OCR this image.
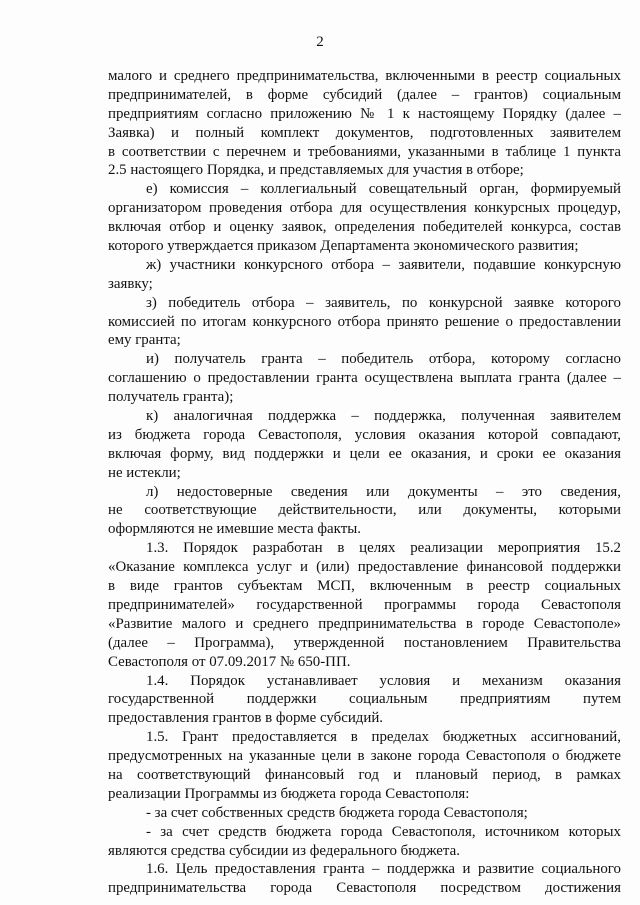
2
малого и среднего предпринимательства, включенными в реестр социальных
предпринимателей, в форме субсидий (далее – грантов) социальным
предприятиям согласно приложению № 1 к настоящему Порядку (далее –
Заявка) и полный комплект документов, подготовленных заявителем
в соответствии с перечнем и требованиями, указанными в таблице 1 пункта
2.5 настоящего Порядка, и представляемых для участия в отборе;
е) комиссия – коллегиальный совещательный орган, формируемый
организатором проведения отбора для осуществления конкурсных процедур,
включая отбор и оценку заявок, определения победителей конкурса, состав
которого утверждается приказом Департамента экономического развития;
ж) участники конкурсного отбора – заявители, подавшие конкурсную
заявку;
з) победитель отбора – заявитель, по конкурсной заявке которого
комиссией по итогам конкурсного отбора принято решение о предоставлении
ему гранта;
и) получатель гранта – победитель отбора, которому согласно
соглашению о предоставлении гранта осуществлена выплата гранта (далее –
получатель гранта);
к) аналогичная поддержка – поддержка, полученная заявителем
из бюджета города Севастополя, условия оказания которой совпадают,
включая форму, вид поддержки и цели ее оказания, и сроки ее оказания
не истекли;
л) недостоверные сведения или документы – это сведения,
не соответствующие действительности, или документы, которыми
оформляются не имевшие места факты.
1.3. Порядок разработан в целях реализации мероприятия 15.2
«Оказание комплекса услуг и (или) предоставление финансовой поддержки
в виде грантов субъектам МСП, включенным в реестр социальных
предпринимателей» государственной программы города Севастополя
«Развитие малого и среднего предпринимательства в городе Севастополе»
(далее – Программа), утвержденной постановлением Правительства
Севастополя от 07.09.2017 № 650-ПП.
1.4. Порядок устанавливает условия и механизм оказания
государственной поддержки социальным предприятиям путем
предоставления грантов в форме субсидий.
1.5. Грант предоставляется в пределах бюджетных ассигнований,
предусмотренных на указанные цели в законе города Севастополя о бюджете
на соответствующий финансовый год и плановый период, в рамках
реализации Программы из бюджета города Севастополя:
- за счет собственных средств бюджета города Севастополя;
- за счет средств бюджета города Севастополя, источником которых
являются средства субсидии из федерального бюджета.
1.6. Цель предоставления гранта – поддержка и развитие социального
предпринимательства города Севастополя посредством достижения
